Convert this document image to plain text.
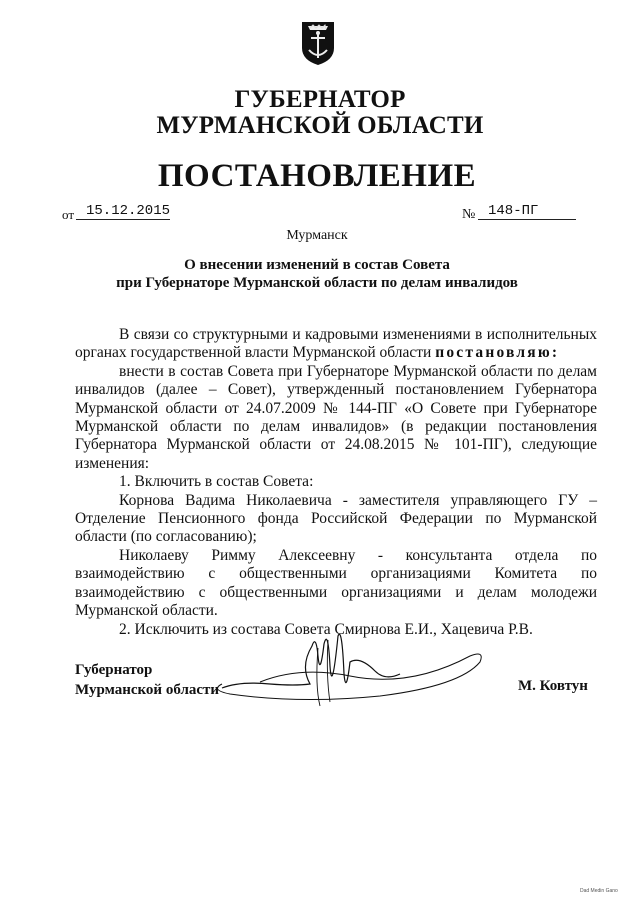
ГУБЕРНАТОР
МУРМАНСКОЙ ОБЛАСТИ
ПОСТАНОВЛЕНИЕ
от 15.12.2015	№ 148-ПГ
Мурманск
О внесении изменений в состав Совета
при Губернаторе Мурманской области по делам инвалидов

В связи со структурными и кадровыми изменениями в исполнительных органах государственной власти Мурманской области постановляю:

внести в состав Совета при Губернаторе Мурманской области по делам инвалидов (далее – Совет), утвержденный постановлением Губернатора Мурманской области от 24.07.2009 № 144-ПГ «О Совете при Губернаторе Мурманской области по делам инвалидов» (в редакции постановления Губернатора Мурманской области от 24.08.2015 № 101-ПГ), следующие изменения:

1. Включить в состав Совета:

Корнова Вадима Николаевича - заместителя управляющего ГУ – Отделение Пенсионного фонда Российской Федерации по Мурманской области (по согласованию);

Николаеву Римму Алексеевну - консультанта отдела по взаимодействию с общественными организациями Комитета по взаимодействию с общественными организациями и делам молодежи Мурманской области.

2. Исключить из состава Совета Смирнова Е.И., Хацевича Р.В.

Губернатор
Мурманской области	М. Ковтун
Dad Medin Gano
